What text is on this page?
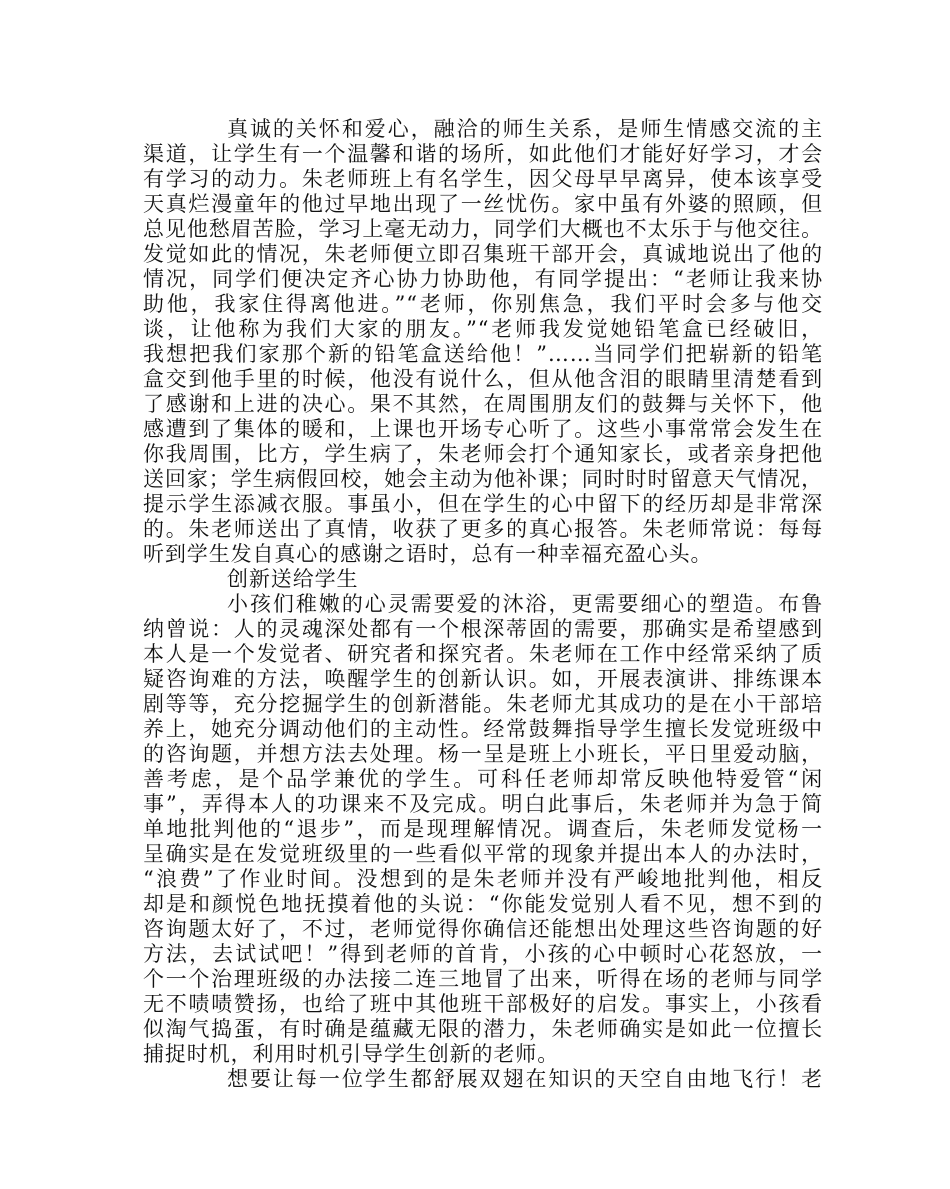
真诚的关怀和爱心，融洽的师生关系，是师生情感交流的主
渠道，让学生有一个温馨和谐的场所，如此他们才能好好学习，才会
有学习的动力。朱老师班上有名学生，因父母早早离异，使本该享受
天真烂漫童年的他过早地出现了一丝忧伤。家中虽有外婆的照顾，但
总见他愁眉苦脸，学习上毫无动力，同学们大概也不太乐于与他交往。
发觉如此的情况，朱老师便立即召集班干部开会，真诚地说出了他的
情况，同学们便决定齐心协力协助他，有同学提出：“老师让我来协
助他，我家住得离他进。”“老师，你别焦急，我们平时会多与他交
谈，让他称为我们大家的朋友。”“老师我发觉她铅笔盒已经破旧，
我想把我们家那个新的铅笔盒送给他！”……当同学们把崭新的铅笔
盒交到他手里的时候，他没有说什么，但从他含泪的眼睛里清楚看到
了感谢和上进的决心。果不其然，在周围朋友们的鼓舞与关怀下，他
感遭到了集体的暖和，上课也开场专心听了。这些小事常常会发生在
你我周围，比方，学生病了，朱老师会打个通知家长，或者亲身把他
送回家；学生病假回校，她会主动为他补课；同时时时留意天气情况，
提示学生添减衣服。事虽小，但在学生的心中留下的经历却是非常深
的。朱老师送出了真情，收获了更多的真心报答。朱老师常说：每每
听到学生发自真心的感谢之语时，总有一种幸福充盈心头。
创新送给学生
小孩们稚嫩的心灵需要爱的沐浴，更需要细心的塑造。布鲁
纳曾说：人的灵魂深处都有一个根深蒂固的需要，那确实是希望感到
本人是一个发觉者、研究者和探究者。朱老师在工作中经常采纳了质
疑咨询难的方法，唤醒学生的创新认识。如，开展表演讲、排练课本
剧等等，充分挖掘学生的创新潜能。朱老师尤其成功的是在小干部培
养上，她充分调动他们的主动性。经常鼓舞指导学生擅长发觉班级中
的咨询题，并想方法去处理。杨一呈是班上小班长，平日里爱动脑，
善考虑，是个品学兼优的学生。可科任老师却常反映他特爱管“闲
事”，弄得本人的功课来不及完成。明白此事后，朱老师并为急于简
单地批判他的“退步”，而是现理解情况。调查后，朱老师发觉杨一
呈确实是在发觉班级里的一些看似平常的现象并提出本人的办法时，
“浪费”了作业时间。没想到的是朱老师并没有严峻地批判他，相反
却是和颜悦色地抚摸着他的头说：“你能发觉别人看不见，想不到的
咨询题太好了，不过，老师觉得你确信还能想出处理这些咨询题的好
方法，去试试吧！”得到老师的首肯，小孩的心中顿时心花怒放，一
个一个治理班级的办法接二连三地冒了出来，听得在场的老师与同学
无不啧啧赞扬，也给了班中其他班干部极好的启发。事实上，小孩看
似淘气捣蛋，有时确是蕴藏无限的潜力，朱老师确实是如此一位擅长
捕捉时机，利用时机引导学生创新的老师。
想要让每一位学生都舒展双翅在知识的天空自由地飞行！老
